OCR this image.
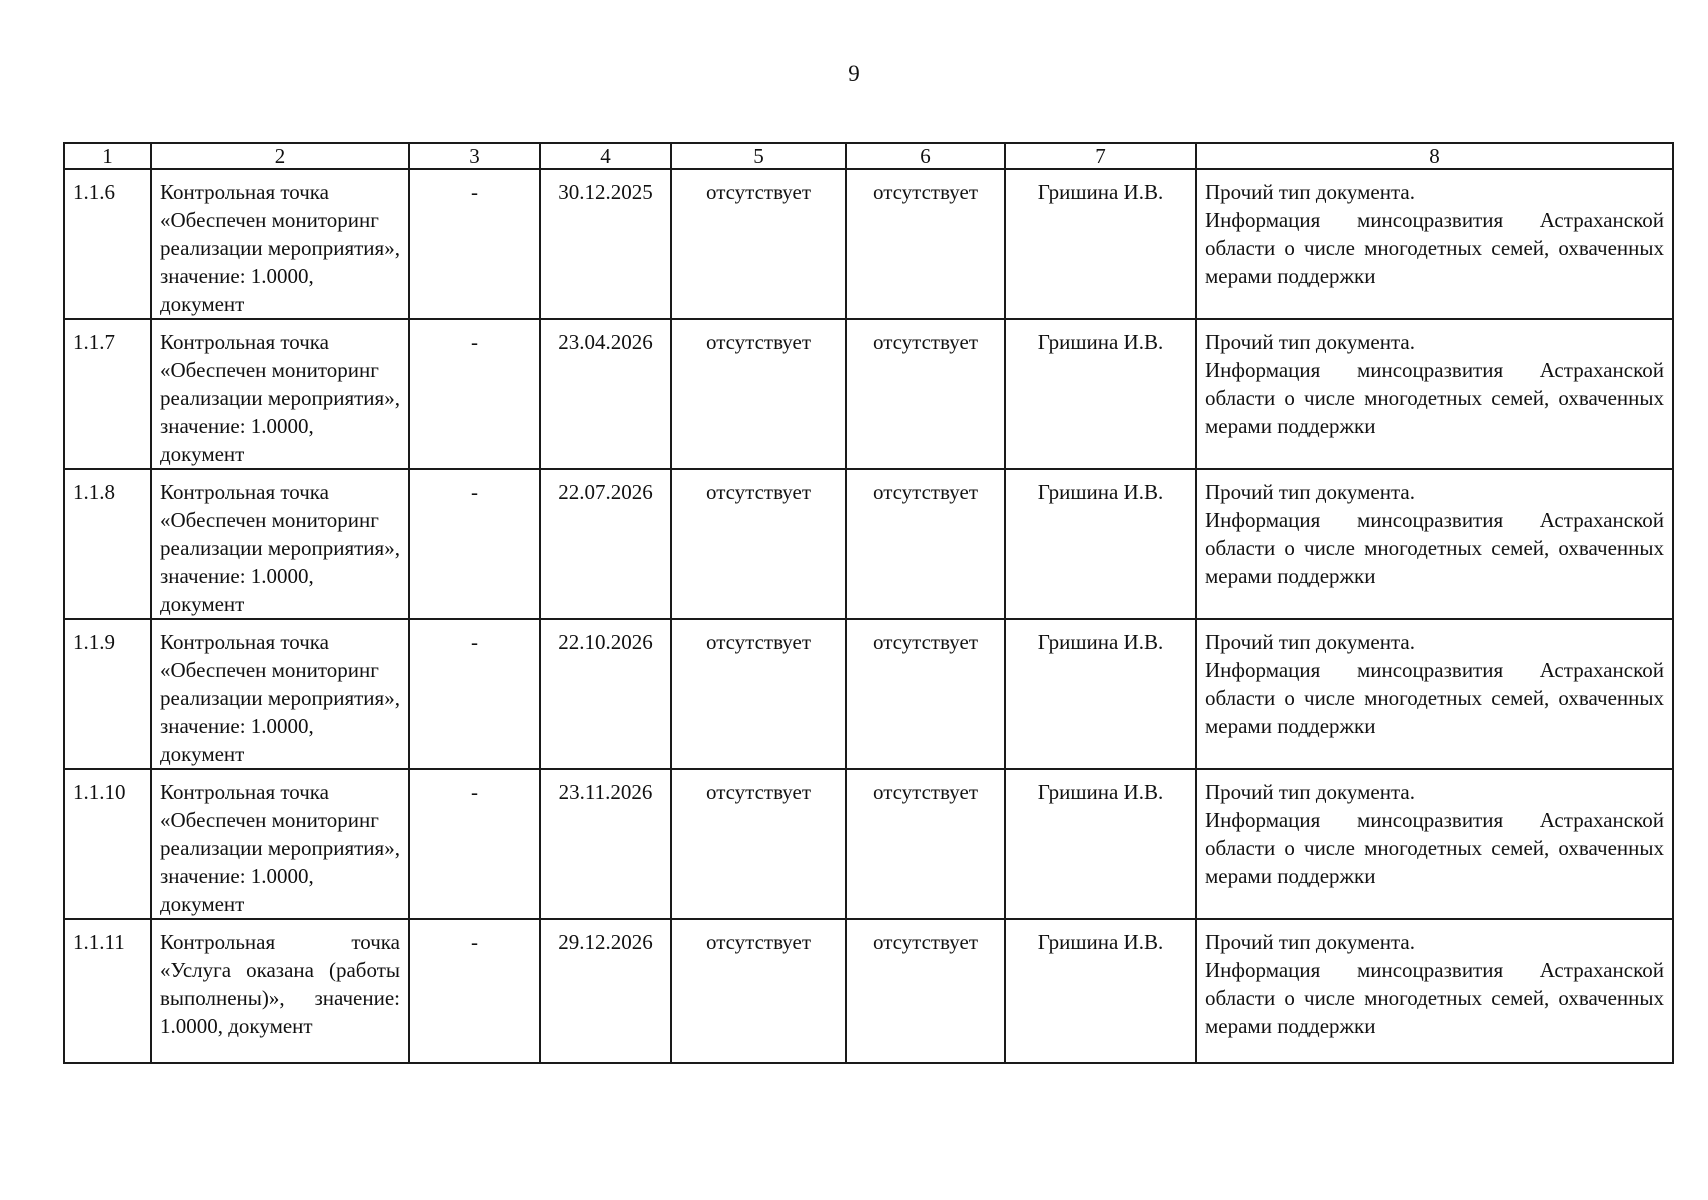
9
1	2	3	4	5	6	7	8
1.1.6	Контрольная точка «Обеспечен мониторинг реализации мероприятия», значение: 1.0000, документ	-	30.12.2025	отсутствует	отсутствует	Гришина И.В.	Прочий тип документа.
Информация минсоцразвития Астраханской области о числе многодетных семей, охваченных мерами поддержки

1.1.7	Контрольная точка «Обеспечен мониторинг реализации мероприятия», значение: 1.0000, документ	-	23.04.2026	отсутствует	отсутствует	Гришина И.В.	Прочий тип документа.
Информация минсоцразвития Астраханской области о числе многодетных семей, охваченных мерами поддержки

1.1.8	Контрольная точка «Обеспечен мониторинг реализации мероприятия», значение: 1.0000, документ	-	22.07.2026	отсутствует	отсутствует	Гришина И.В.	Прочий тип документа.
Информация минсоцразвития Астраханской области о числе многодетных семей, охваченных мерами поддержки

1.1.9	Контрольная точка «Обеспечен мониторинг реализации мероприятия», значение: 1.0000, документ	-	22.10.2026	отсутствует	отсутствует	Гришина И.В.	Прочий тип документа.
Информация минсоцразвития Астраханской области о числе многодетных семей, охваченных мерами поддержки

1.1.10	Контрольная точка «Обеспечен мониторинг реализации мероприятия», значение: 1.0000, документ	-	23.11.2026	отсутствует	отсутствует	Гришина И.В.	Прочий тип документа.
Информация минсоцразвития Астраханской области о числе многодетных семей, охваченных мерами поддержки

1.1.11	Контрольная точка «Услуга оказана (работы выполнены)», значение: 1.0000, документ	-	29.12.2026	отсутствует	отсутствует	Гришина И.В.	Прочий тип документа.
Информация минсоцразвития Астраханской области о числе многодетных семей, охваченных мерами поддержки
